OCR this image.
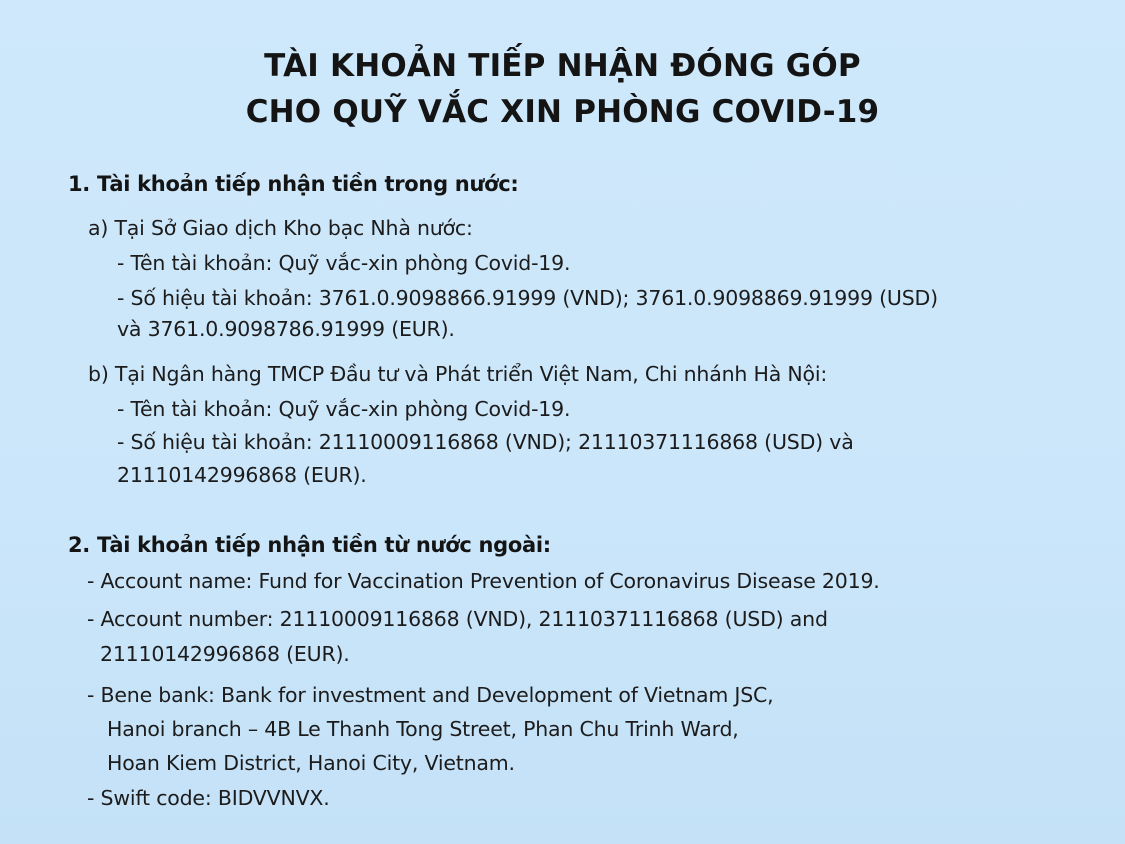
TÀI KHOẢN TIẾP NHẬN ĐÓNG GÓP
CHO QUỸ VẮC XIN PHÒNG COVID-19
1. Tài khoản tiếp nhận tiền trong nước:
a) Tại Sở Giao dịch Kho bạc Nhà nước:
- Tên tài khoản: Quỹ vắc-xin phòng Covid-19.
- Số hiệu tài khoản: 3761.0.9098866.91999 (VND); 3761.0.9098869.91999 (USD)
và 3761.0.9098786.91999 (EUR).
b) Tại Ngân hàng TMCP Đầu tư và Phát triển Việt Nam, Chi nhánh Hà Nội:
- Tên tài khoản: Quỹ vắc-xin phòng Covid-19.
- Số hiệu tài khoản: 21110009116868 (VND); 21110371116868 (USD) và
21110142996868 (EUR).
2. Tài khoản tiếp nhận tiền từ nước ngoài:
- Account name: Fund for Vaccination Prevention of Coronavirus Disease 2019.
- Account number: 21110009116868 (VND), 21110371116868 (USD) and
21110142996868 (EUR).
- Bene bank: Bank for investment and Development of Vietnam JSC,
Hanoi branch – 4B Le Thanh Tong Street, Phan Chu Trinh Ward,
Hoan Kiem District, Hanoi City, Vietnam.
- Swift code: BIDVVNVX.
